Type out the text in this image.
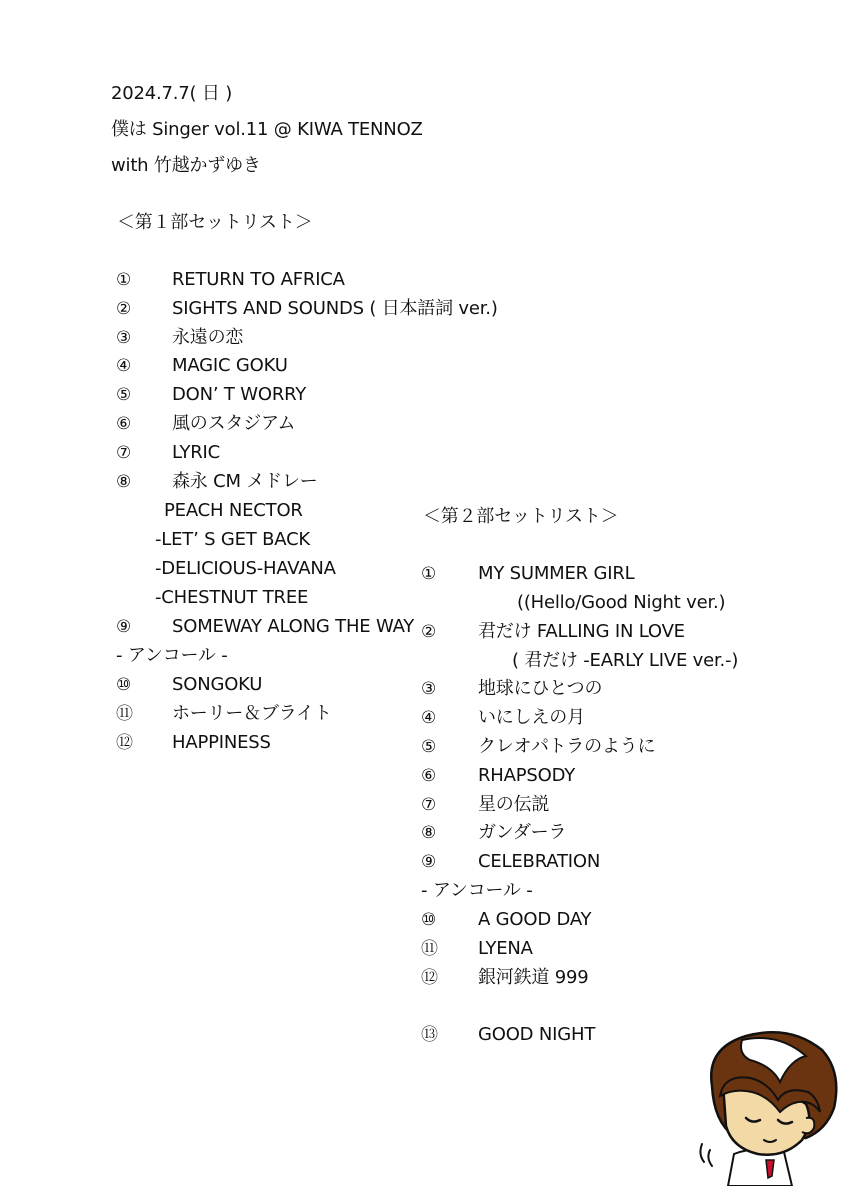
2024.7.7( 日 )
僕は Singer vol.11 @ KIWA TENNOZ
with 竹越かずゆき
＜第１部セットリスト＞
① RETURN TO AFRICA
② SIGHTS AND SOUNDS ( 日本語詞 ver.)
③ 永遠の恋
④ MAGIC GOKU
⑤ DON’ T WORRY
⑥ 風のスタジアム
⑦ LYRIC
⑧ 森永 CM メドレー
PEACH NECTOR
-LET’ S GET BACK
-DELICIOUS-HAVANA
-CHESTNUT TREE
⑨ SOMEWAY ALONG THE WAY
- アンコール -
⑩ SONGOKU
⑪ ホーリー＆ブライト
⑫ HAPPINESS
＜第２部セットリスト＞
① MY SUMMER GIRL
((Hello/Good Night ver.)
② 君だけ FALLING IN LOVE
( 君だけ -EARLY LIVE ver.-)
③ 地球にひとつの
④ いにしえの月
⑤ クレオパトラのように
⑥ RHAPSODY
⑦ 星の伝説
⑧ ガンダーラ
⑨ CELEBRATION
- アンコール -
⑩ A GOOD DAY
⑪ LYENA
⑫ 銀河鉄道 999
⑬ GOOD NIGHT
